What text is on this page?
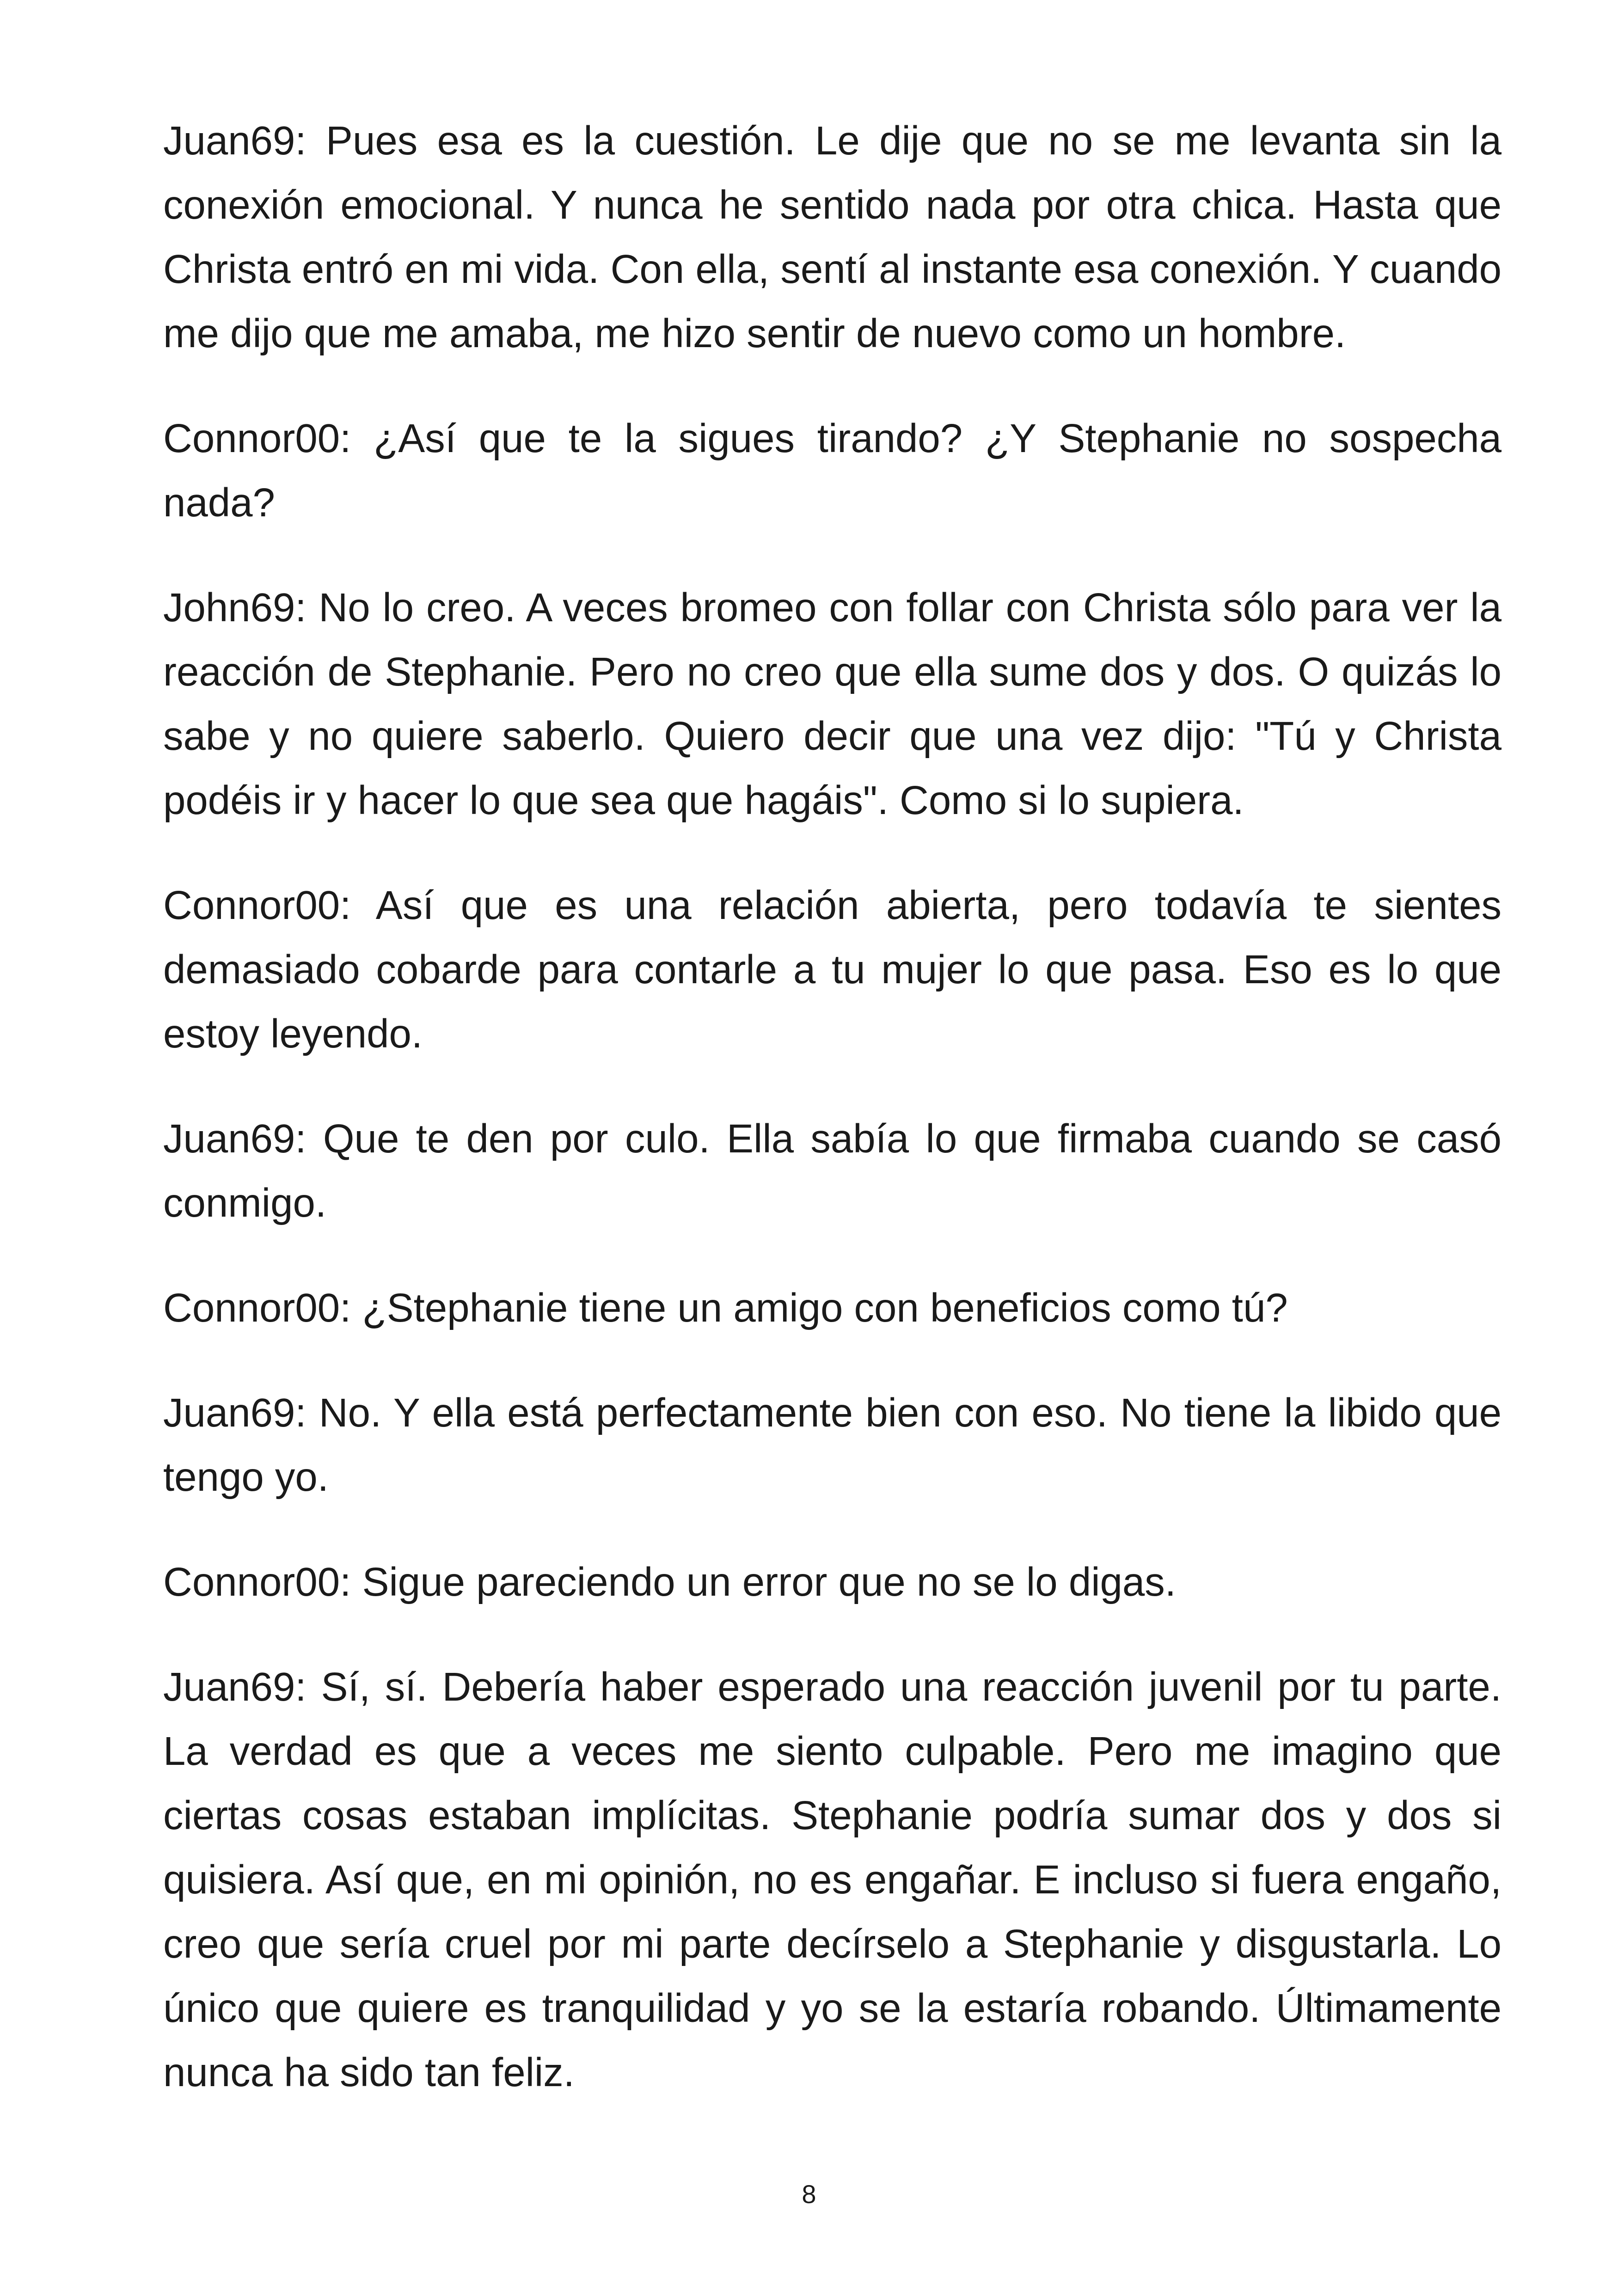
Juan69: Pues esa es la cuestión. Le dije que no se me levanta sin la conexión emocional. Y nunca he sentido nada por otra chica. Hasta que Christa entró en mi vida. Con ella, sentí al instante esa conexión. Y cuando me dijo que me amaba, me hizo sentir de nuevo como un hombre.

Connor00: ¿Así que te la sigues tirando? ¿Y Stephanie no sospecha nada?

John69: No lo creo. A veces bromeo con follar con Christa sólo para ver la reacción de Stephanie. Pero no creo que ella sume dos y dos. O quizás lo sabe y no quiere saberlo. Quiero decir que una vez dijo: "Tú y Christa podéis ir y hacer lo que sea que hagáis". Como si lo supiera.

Connor00: Así que es una relación abierta, pero todavía te sientes demasiado cobarde para contarle a tu mujer lo que pasa. Eso es lo que estoy leyendo.

Juan69: Que te den por culo. Ella sabía lo que firmaba cuando se casó conmigo.

Connor00: ¿Stephanie tiene un amigo con beneficios como tú?

Juan69: No. Y ella está perfectamente bien con eso. No tiene la libido que tengo yo.

Connor00: Sigue pareciendo un error que no se lo digas.

Juan69: Sí, sí. Debería haber esperado una reacción juvenil por tu parte. La verdad es que a veces me siento culpable. Pero me imagino que ciertas cosas estaban implícitas. Stephanie podría sumar dos y dos si quisiera. Así que, en mi opinión, no es engañar. E incluso si fuera engaño, creo que sería cruel por mi parte decírselo a Stephanie y disgustarla. Lo único que quiere es tranquilidad y yo se la estaría robando. Últimamente nunca ha sido tan feliz.

8
